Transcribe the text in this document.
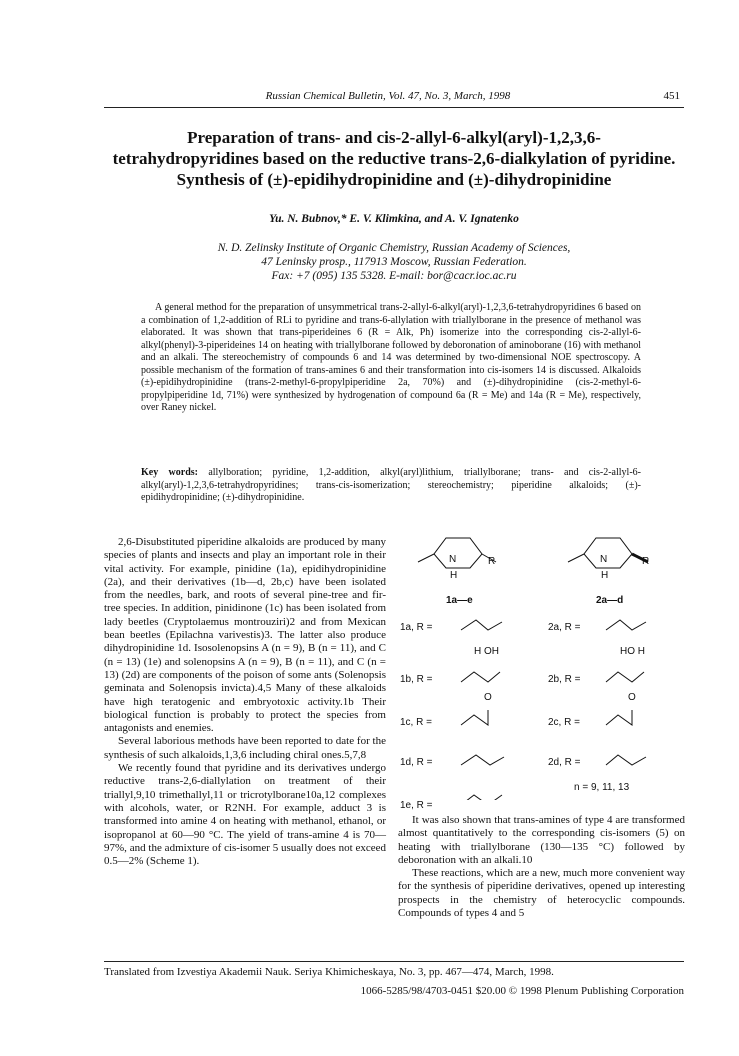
Russian Chemical Bulletin, Vol. 47, No. 3, March, 1998	451
Preparation of trans- and cis-2-allyl-6-alkyl(aryl)-1,2,3,6-
tetrahydropyridines based on the reductive trans-2,6-dialkylation of pyridine.
Synthesis of (±)-epidihydropinidine and (±)-dihydropinidine
Yu. N. Bubnov,* E. V. Klimkina, and A. V. Ignatenko
N. D. Zelinsky Institute of Organic Chemistry, Russian Academy of Sciences,
47 Leninsky prosp., 117913 Moscow, Russian Federation.
Fax: +7 (095) 135 5328. E-mail: bor@cacr.ioc.ac.ru

A general method for the preparation of unsymmetrical trans-2-allyl-6-alkyl(aryl)-1,2,3,6-tetrahydropyridines 6 based on a combination of 1,2-addition of RLi to pyridine and trans-6-allylation with triallylborane in the presence of methanol was elaborated. It was shown that trans-piperideines 6 (R = Alk, Ph) isomerize into the corresponding cis-2-allyl-6-alkyl(phenyl)-3-piperideines 14 on heating with triallylborane followed by deboronation of aminoborane (16) with methanol and an alkali. The stereochemistry of compounds 6 and 14 was determined by two-dimensional NOE spectroscopy. A possible mechanism of the formation of trans-amines 6 and their transformation into cis-isomers 14 is discussed. Alkaloids (±)-epidihydropinidine (trans-2-methyl-6-propylpiperidine 2a, 70%) and (±)-dihydropinidine (cis-2-methyl-6-propylpiperidine 1d, 71%) were synthesized by hydrogenation of compound 6a (R = Me) and 14a (R = Me), respectively, over Raney nickel.

Key words: allylboration; pyridine, 1,2-addition, alkyl(aryl)lithium, triallylborane; trans- and cis-2-allyl-6-alkyl(aryl)-1,2,3,6-tetrahydropyridines; trans-cis-isomerization; stereochemistry; piperidine alkaloids; (±)-epidihydropinidine; (±)-dihydropinidine.

2,6-Disubstituted piperidine alkaloids are produced by many species of plants and insects and play an important role in their vital activity. For example, pinidine (1a), epidihydropinidine (2a), and their derivatives (1b—d, 2b,c) have been isolated from the needles, bark, and roots of several pine-tree and fir-tree species. In addition, pinidinone (1c) has been isolated from lady beetles (Cryptolaemus montrouziri)2 and from Mexican bean beetles (Epilachna varivestis)3. The latter also produce dihydropinidine 1d. Isosolenopsins A (n = 9), B (n = 11), and C (n = 13) (1e) and solenopsins A (n = 9), B (n = 11), and C (n = 13) (2d) are components of the poison of some ants (Solenopsis geminata and Solenopsis invicta).4,5 Many of these alkaloids have high teratogenic and embryotoxic activity.1b Their biological function is probably to protect the species from antagonists and enemies.

Several laborious methods have been reported to date for the synthesis of such alkaloids,1,3,6 including chiral ones.5,7,8

We recently found that pyridine and its derivatives undergo reductive trans-2,6-diallylation on treatment of their triallyl,9,10 trimethallyl,11 or tricrotylborane10a,12 complexes with alcohols, water, or R2NH. For example, adduct 3 is transformed into amine 4 on heating with methanol, ethanol, or isopropanol at 60—90 °C. The yield of trans-amine 4 is 70—97%, and the admixture of cis-isomer 5 usually does not exceed 0.5—2% (Scheme 1).

N
H
R	N
H
R
1a—e	2a—d
1a, R =
1b, R =
1c, R =
1d, R =
2a, R =
2b, R =
2c, R =
2d, R =
H OH	HO H
O	O
n = 9, 11, 13
1e, R =

It was also shown that trans-amines of type 4 are transformed almost quantitatively to the corresponding cis-isomers (5) on heating with triallylborane (130—135 °C) followed by deboronation with an alkali.10

These reactions, which are a new, much more convenient way for the synthesis of piperidine derivatives, opened up interesting prospects in the chemistry of heterocyclic compounds. Compounds of types 4 and 5

Translated from Izvestiya Akademii Nauk. Seriya Khimicheskaya, No. 3, pp. 467—474, March, 1998.
1066-5285/98/4703-0451 $20.00 © 1998 Plenum Publishing Corporation
